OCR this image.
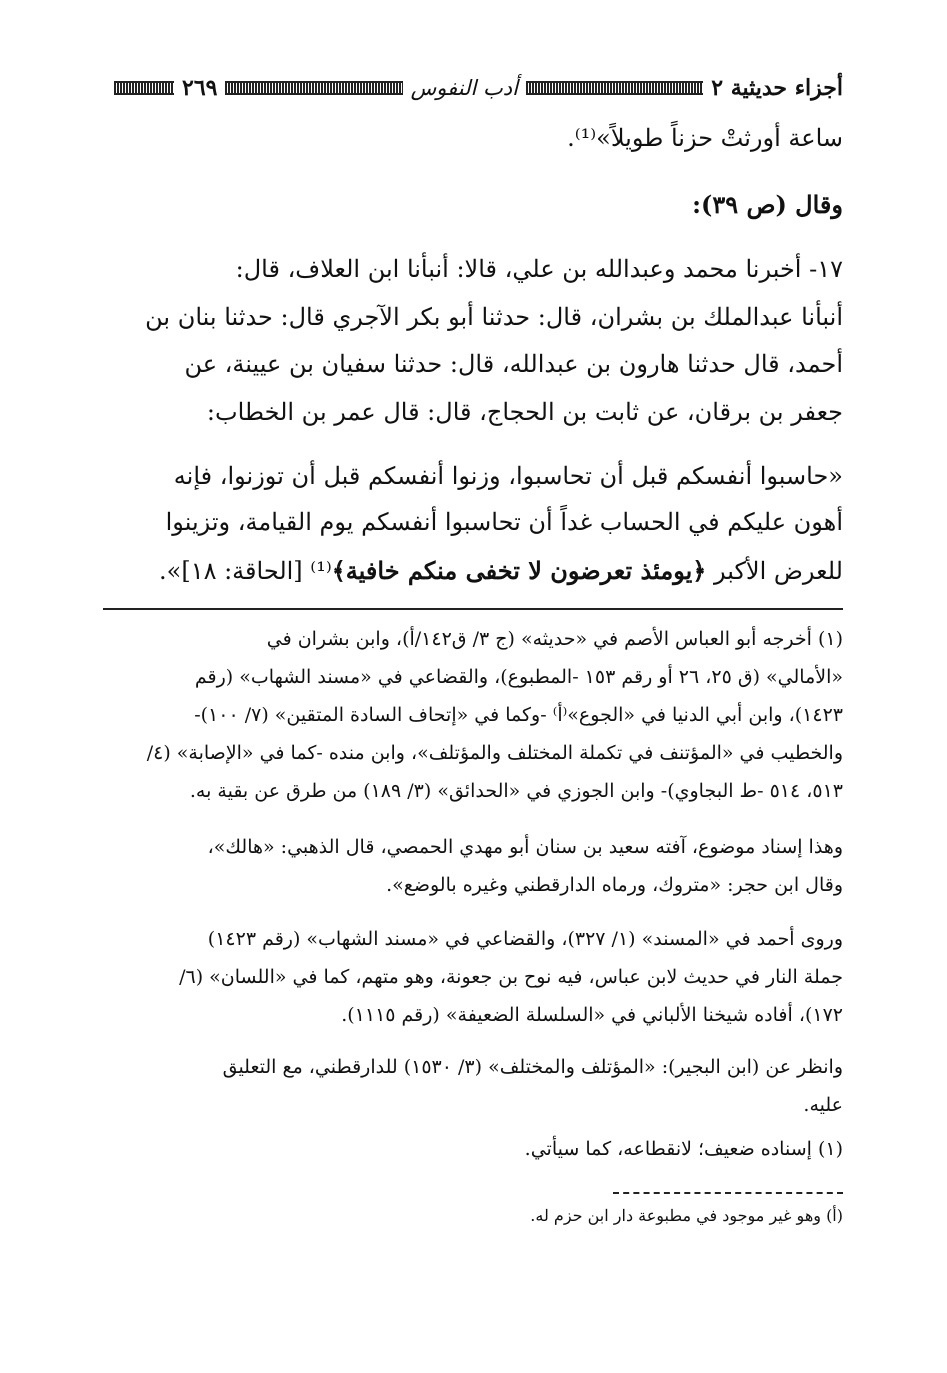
أجزاء حديثية ٢
أدب النفوس
٢٦٩
ساعة أورثتْ حزناً طويلاً»⁽¹⁾.
وقال (ص ٣٩):
١٧- أخبرنا محمد وعبدالله بن علي، قالا: أنبأنا ابن العلاف، قال:
أنبأنا عبدالملك بن بشران، قال: حدثنا أبو بكر الآجري قال: حدثنا بنان بن
أحمد، قال حدثنا هارون بن عبدالله، قال: حدثنا سفيان بن عيينة، عن
جعفر بن برقان، عن ثابت بن الحجاج، قال: قال عمر بن الخطاب:
«حاسبوا أنفسكم قبل أن تحاسبوا، وزنوا أنفسكم قبل أن توزنوا، فإنه
أهون عليكم في الحساب غداً أن تحاسبوا أنفسكم يوم القيامة، وتزينوا
للعرض الأكبر ﴿يومئذ تعرضون لا تخفى منكم خافية﴾⁽¹⁾ [الحاقة: ١٨]».
(١) أخرجه أبو العباس الأصم في «حديثه» (ج ٣/ ق١٤٢/أ)، وابن بشران في
«الأمالي» (ق ٢٥، ٢٦ أو رقم ١٥٣ -المطبوع)، والقضاعي في «مسند الشهاب» (رقم
١٤٢٣)، وابن أبي الدنيا في «الجوع»⁽أ⁾ -وكما في «إتحاف السادة المتقين» (٧/ ١٠٠)-
والخطيب في «المؤتنف في تكملة المختلف والمؤتلف»، وابن منده -كما في «الإصابة» (٤/
٥١٣، ٥١٤ -ط البجاوي)- وابن الجوزي في «الحدائق» (٣/ ١٨٩) من طرق عن بقية به.
وهذا إسناد موضوع، آفته سعيد بن سنان أبو مهدي الحمصي، قال الذهبي: «هالك»،
وقال ابن حجر: «متروك، ورماه الدارقطني وغيره بالوضع».
وروى أحمد في «المسند» (١/ ٣٢٧)، والقضاعي في «مسند الشهاب» (رقم ١٤٢٣)
جملة النار في حديث لابن عباس، فيه نوح بن جعونة، وهو متهم، كما في «اللسان» (٦/
١٧٢)، أفاده شيخنا الألباني في «السلسلة الضعيفة» (رقم ١١١٥).
وانظر عن (ابن البجير): «المؤتلف والمختلف» (٣/ ١٥٣٠) للدارقطني، مع التعليق
عليه.
(١) إسناده ضعيف؛ لانقطاعه، كما سيأتي.
(أ) وهو غير موجود في مطبوعة دار ابن حزم له.
